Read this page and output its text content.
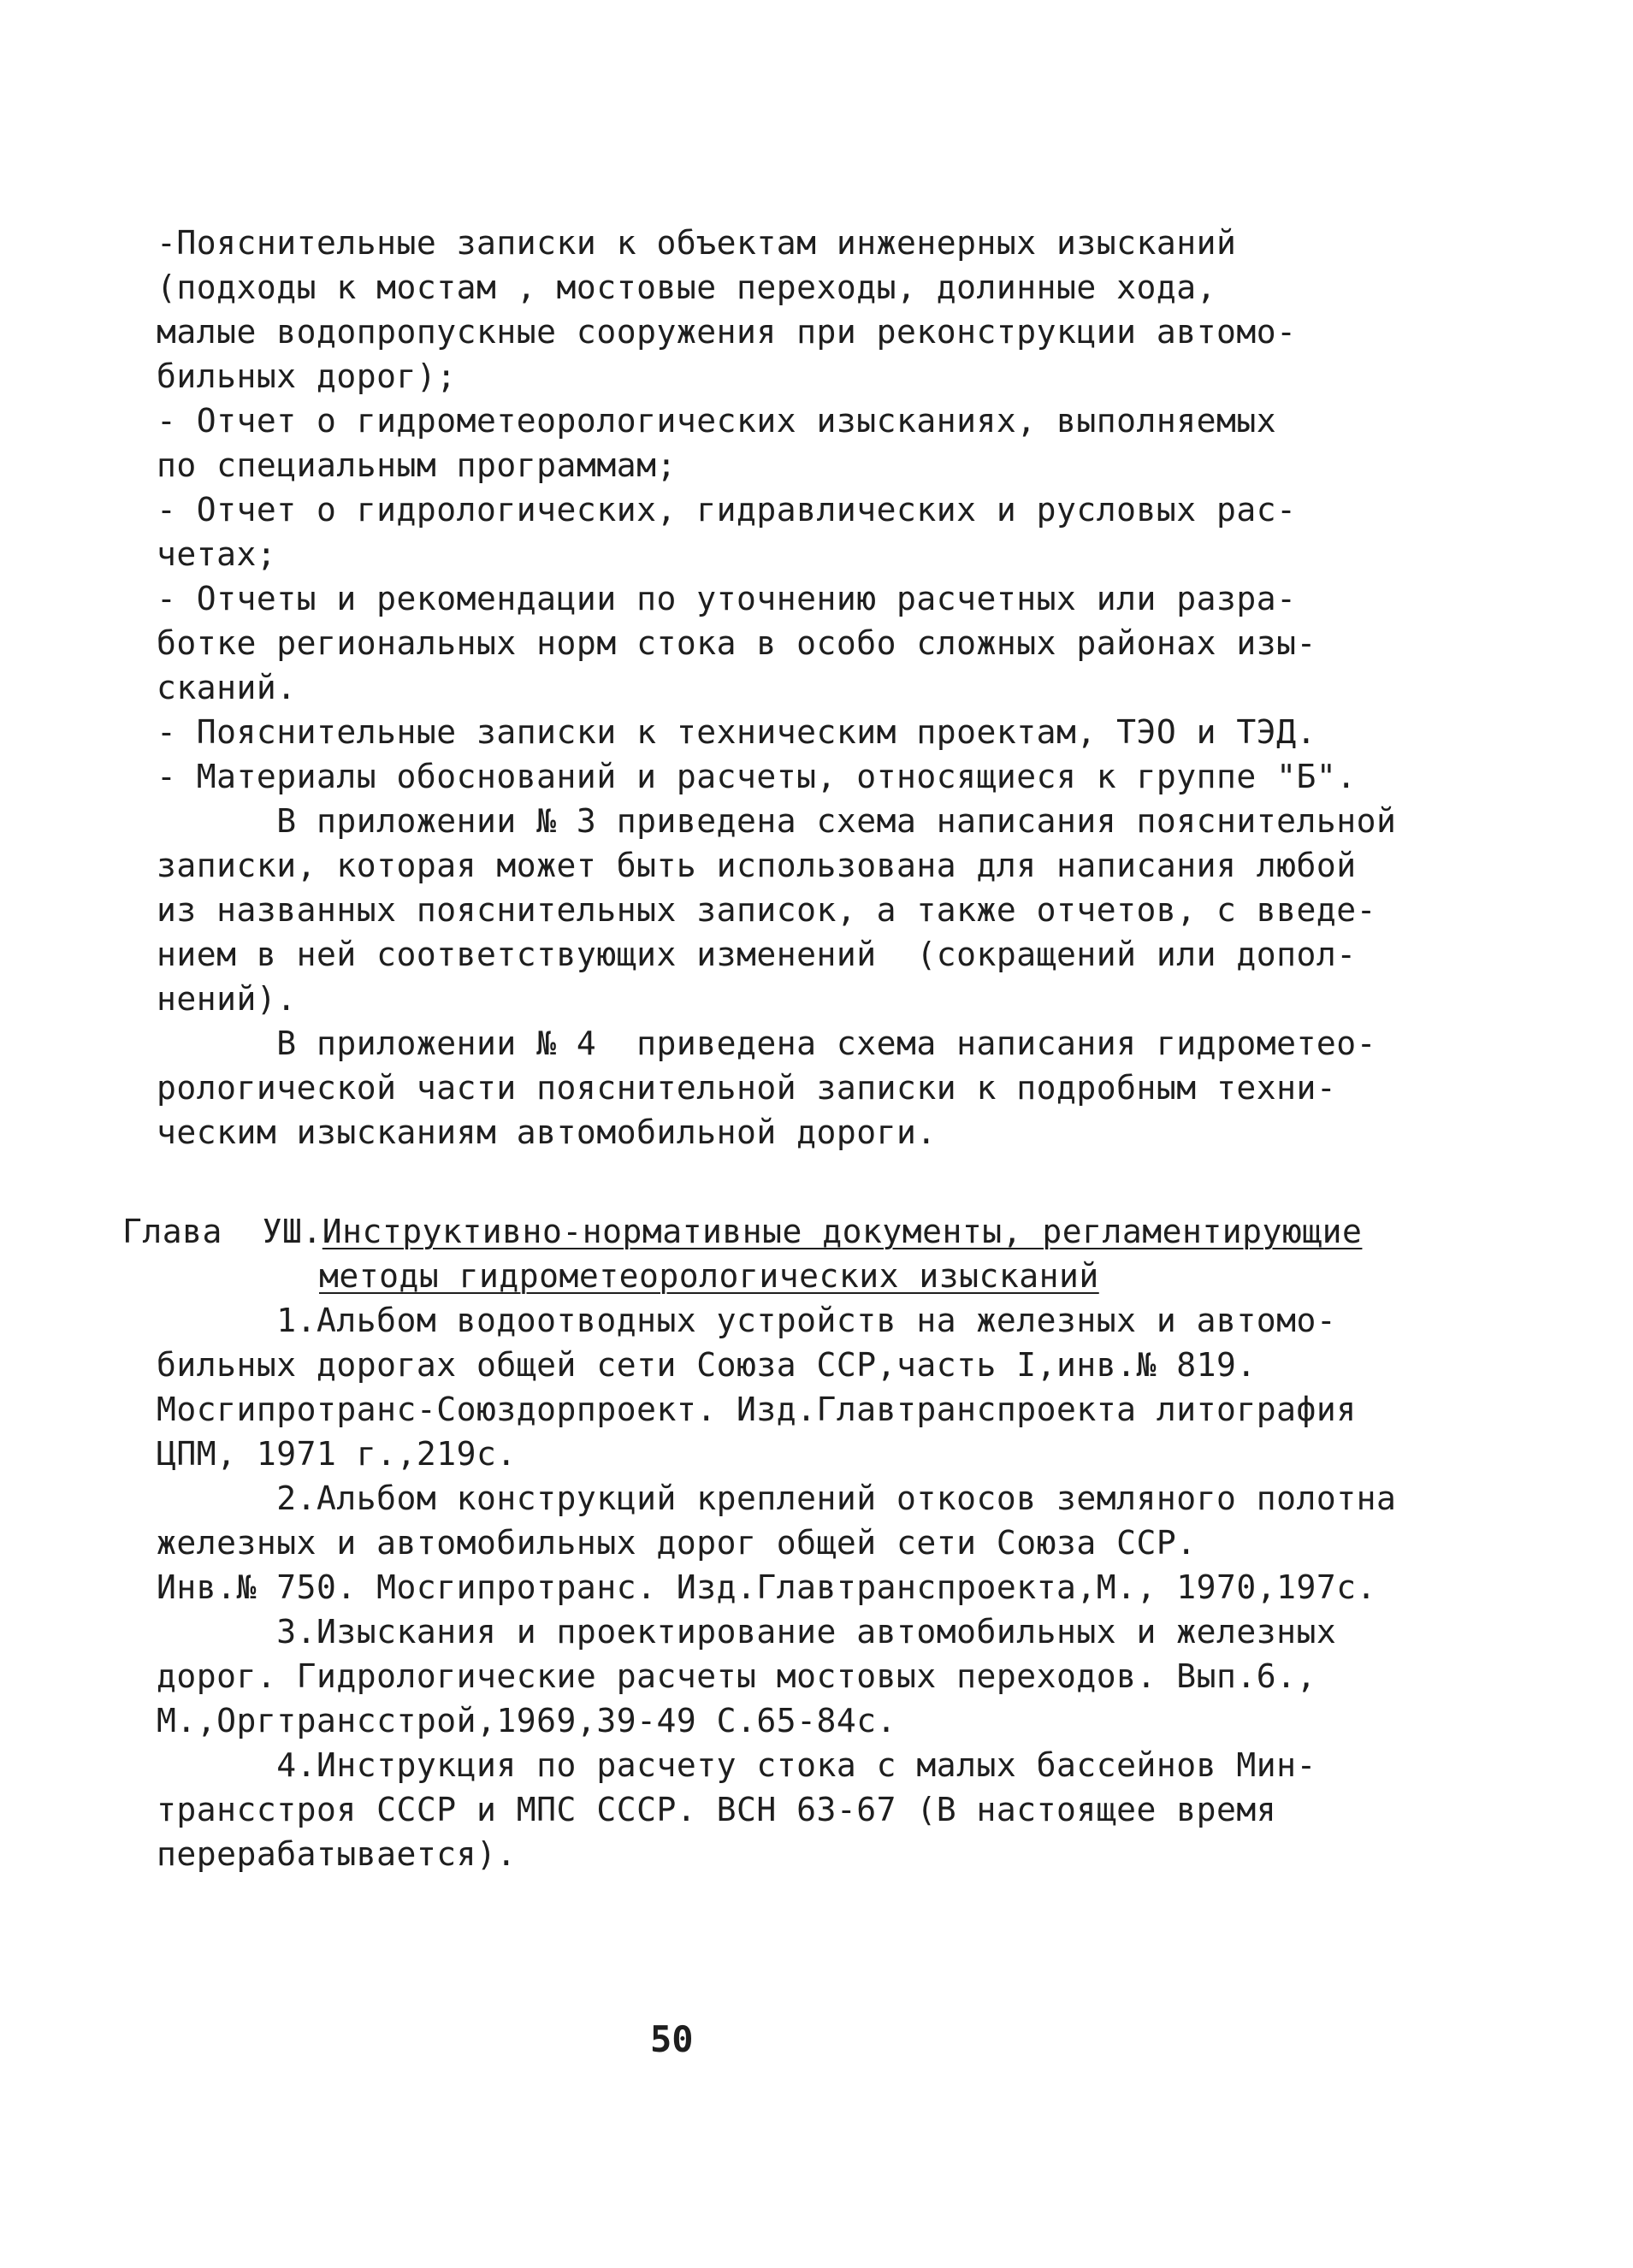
-Пояснительные записки к объектам инженерных изысканий
(подходы к мостам , мостовые переходы, долинные хода,
малые водопропускные сооружения при реконструкции автомо-
бильных дорог);
- Отчет о гидрометеорологических изысканиях, выполняемых
по специальным программам;
- Отчет о гидрологических, гидравлических и русловых рас-
четах;
- Отчеты и рекомендации по уточнению расчетных или разра-
ботке региональных норм стока в особо сложных районах изы-
сканий.
- Пояснительные записки к техническим проектам, ТЭО и ТЭД.
- Материалы обоснований и расчеты, относящиеся к группе "Б".
В приложении № 3 приведена схема написания пояснительной
записки, которая может быть использована для написания любой
из названных пояснительных записок, а также отчетов, с введе-
нием в ней соответствующих изменений  (сокращений или допол-
нений).
В приложении № 4  приведена схема написания гидрометео-
рологической части пояснительной записки к подробным техни-
ческим изысканиям автомобильной дороги.
Глава  УШ.Инструктивно-нормативные документы, регламентирующие
методы гидрометеорологических изысканий
1.Альбом водоотводных устройств на железных и автомо-
бильных дорогах общей сети Союза ССР,часть I,инв.№ 819.
Мосгипротранс-Союздорпроект. Изд.Главтранспроекта литография
ЦПМ, 1971 г.,219с.
2.Альбом конструкций креплений откосов земляного полотна
железных и автомобильных дорог общей сети Союза ССР.
Инв.№ 750. Мосгипротранс. Изд.Главтранспроекта,М., 1970,197с.
3.Изыскания и проектирование автомобильных и железных
дорог. Гидрологические расчеты мостовых переходов. Вып.6.,
М.,Оргтрансстрой,1969,39-49 С.65-84с.
4.Инструкция по расчету стока с малых бассейнов Мин-
трансстроя СССР и МПС СССР. ВСН 63-67 (В настоящее время
перерабатывается).
50
